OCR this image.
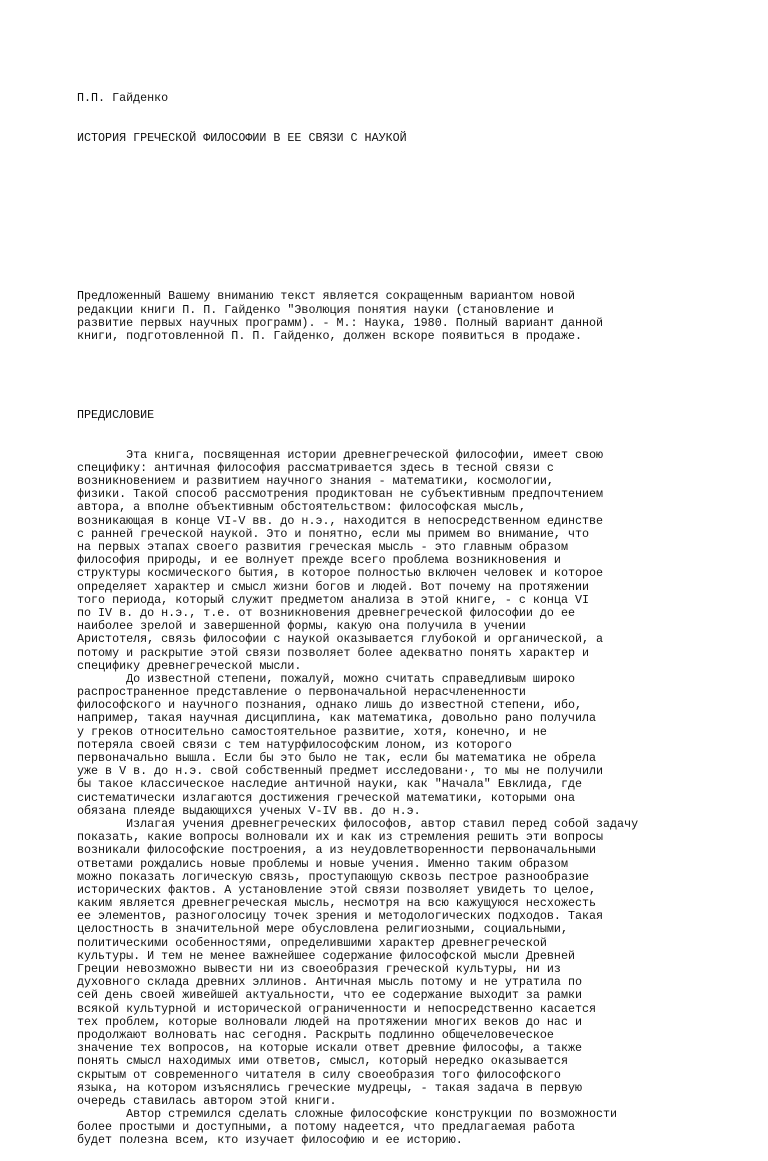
П.П. Гайденко

ИСТОРИЯ ГРЕЧЕСКОЙ ФИЛОСОФИИ В ЕЕ СВЯЗИ С НАУКОЙ

Предложенный Вашему вниманию текст является сокращенным вариантом новой
редакции книги П. П. Гайденко "Эволюция понятия науки (становление и
развитие первых научных программ). - М.: Наука, 1980. Полный вариант данной
книги, подготовленной П. П. Гайденко, должен вскоре появиться в продаже.

ПРЕДИСЛОВИЕ

Эта книга, посвященная истории древнегреческой философии, имеет свою
специфику: античная философия рассматривается здесь в тесной связи с
возникновением и развитием научного знания - математики, космологии,
физики. Такой способ рассмотрения продиктован не субъективным предпочтением
автора, а вполне объективным обстоятельством: философская мысль,
возникающая в конце VI-V вв. до н.э., находится в непосредственном единстве
с ранней греческой наукой. Это и понятно, если мы примем во внимание, что
на первых этапах своего развития греческая мысль - это главным образом
философия природы, и ее волнует прежде всего проблема возникновения и
структуры космического бытия, в которое полностью включен человек и которое
определяет характер и смысл жизни богов и людей. Вот почему на протяжении
того периода, который служит предметом анализа в этой книге, - с конца VI
по IV в. до н.э., т.е. от возникновения древнегреческой философии до ее
наиболее зрелой и завершенной формы, какую она получила в учении
Аристотеля, связь философии с наукой оказывается глубокой и органической, а
потому и раскрытие этой связи позволяет более адекватно понять характер и
специфику древнегреческой мысли.
До известной степени, пожалуй, можно считать справедливым широко
распространенное представление о первоначальной нерасчлененности
философского и научного познания, однако лишь до известной степени, ибо,
например, такая научная дисциплина, как математика, довольно рано получила
у греков относительно самостоятельное развитие, хотя, конечно, и не
потеряла своей связи с тем натурфилософским лоном, из которого
первоначально вышла. Если бы это было не так, если бы математика не обрела
уже в V в. до н.э. свой собственный предмет исследовани·, то мы не получили
бы такое классическое наследие античной науки, как "Начала" Евклида, где
систематически излагаются достижения греческой математики, которыми она
обязана плеяде выдающихся ученых V-IV вв. до н.э.
Излагая учения древнегреческих философов, автор ставил перед собой задачу
показать, какие вопросы волновали их и как из стремления решить эти вопросы
возникали философские построения, а из неудовлетворенности первоначальными
ответами рождались новые проблемы и новые учения. Именно таким образом
можно показать логическую связь, проступающую сквозь пестрое разнообразие
исторических фактов. А установление этой связи позволяет увидеть то целое,
каким является древнегреческая мысль, несмотря на всю кажущуюся несхожесть
ее элементов, разноголосицу точек зрения и методологических подходов. Такая
целостность в значительной мере обусловлена религиозными, социальными,
политическими особенностями, определившими характер древнегреческой
культуры. И тем не менее важнейшее содержание философской мысли Древней
Греции невозможно вывести ни из своеобразия греческой культуры, ни из
духовного склада древних эллинов. Античная мысль потому и не утратила по
сей день своей живейшей актуальности, что ее содержание выходит за рамки
всякой культурной и исторической ограниченности и непосредственно касается
тех проблем, которые волновали людей на протяжении многих веков до нас и
продолжают волновать нас сегодня. Раскрыть подлинно общечеловеческое
значение тех вопросов, на которые искали ответ древние философы, а также
понять смысл находимых ими ответов, смысл, который нередко оказывается
скрытым от современного читателя в силу своеобразия того философского
языка, на котором изъяснялись греческие мудрецы, - такая задача в первую
очередь ставилась автором этой книги.
Автор стремился сделать сложные философские конструкции по возможности
более простыми и доступными, а потому надеется, что предлагаемая работа
будет полезна всем, кто изучает философию и ее историю.
